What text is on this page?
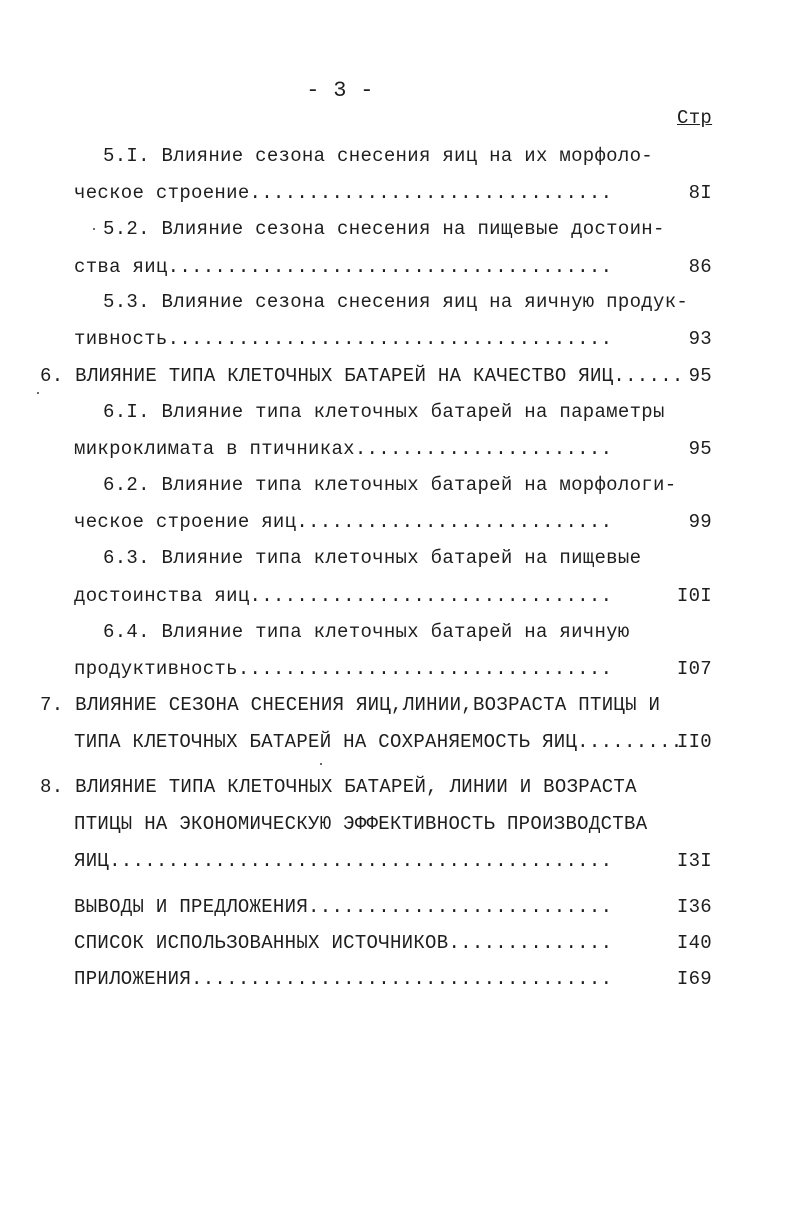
- 3 -
Стр
5.I. Влияние сезона снесения яиц на их морфоло-
ческое строение...............................	8I
5.2. Влияние сезона снесения на пищевые достоин-
ства яиц......................................	86
5.3. Влияние сезона снесения яиц на яичную продук-
тивность......................................	93
6. ВЛИЯНИЕ ТИПА КЛЕТОЧНЫХ БАТАРЕЙ НА КАЧЕСТВО ЯИЦ...... 95
6.I. Влияние типа клеточных батарей на параметры
микроклимата в птичниках......................	95
6.2. Влияние типа клеточных батарей на морфологи-
ческое строение яиц...........................	99
6.3. Влияние типа клеточных батарей на пищевые
достоинства яиц...............................	I0I
6.4. Влияние типа клеточных батарей на яичную
продуктивность................................	I07
7. ВЛИЯНИЕ СЕЗОНА СНЕСЕНИЯ ЯИЦ,ЛИНИИ,ВОЗРАСТА ПТИЦЫ И
ТИПА КЛЕТОЧНЫХ БАТАРЕЙ НА СОХРАНЯЕМОСТЬ ЯИЦ.........
II0
8. ВЛИЯНИЕ ТИПА КЛЕТОЧНЫХ БАТАРЕЙ, ЛИНИИ И ВОЗРАСТА
ПТИЦЫ НА ЭКОНОМИЧЕСКУЮ ЭФФЕКТИВНОСТЬ ПРОИЗВОДСТВА
ЯИЦ...........................................	I3I
ВЫВОДЫ И ПРЕДЛОЖЕНИЯ..........................	I36
СПИСОК ИСПОЛЬЗОВАННЫХ ИСТОЧНИКОВ..............	I40
ПРИЛОЖЕНИЯ....................................	I69
